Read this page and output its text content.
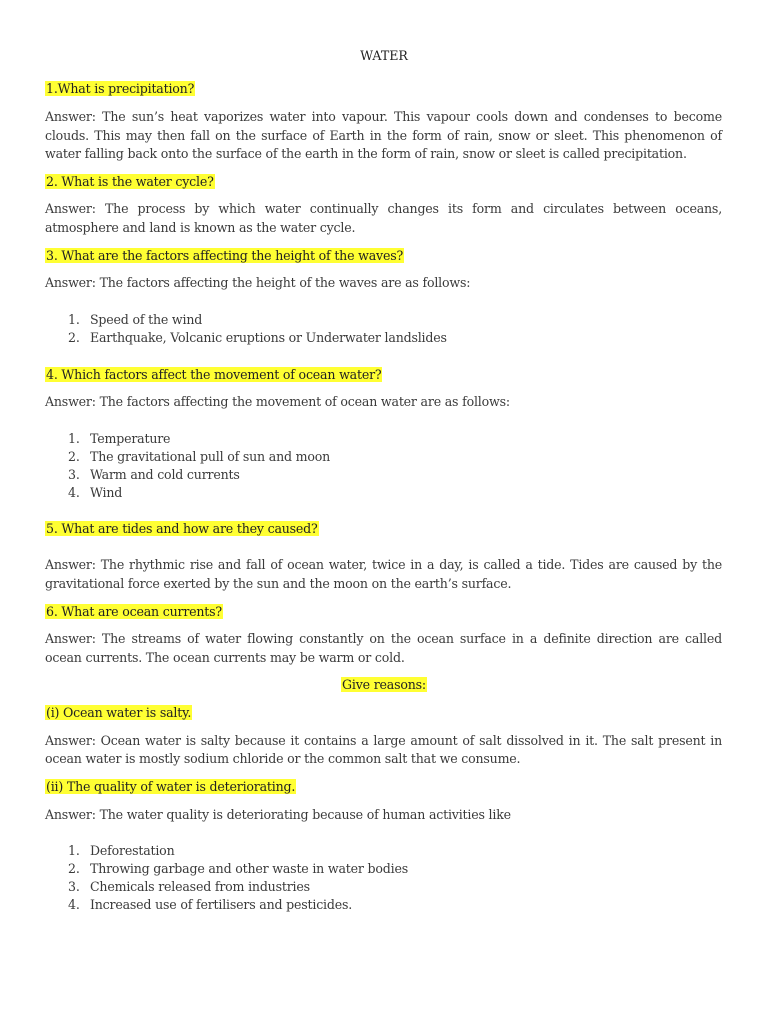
WATER
1.What is precipitation?
Answer: The sun’s heat vaporizes water into vapour. This vapour cools down and condenses to become
clouds. This may then fall on the surface of Earth in the form of rain, snow or sleet. This phenomenon of
water falling back onto the surface of the earth in the form of rain, snow or sleet is called precipitation.
2. What is the water cycle?
Answer: The process by which water continually changes its form and circulates between oceans,
atmosphere and land is known as the water cycle.
3. What are the factors affecting the height of the waves?
Answer: The factors affecting the height of the waves are as follows:
1. Speed of the wind
2. Earthquake, Volcanic eruptions or Underwater landslides
4. Which factors affect the movement of ocean water?
Answer: The factors affecting the movement of ocean water are as follows:
1. Temperature
2. The gravitational pull of sun and moon
3. Warm and cold currents
4. Wind
5. What are tides and how are they caused?
Answer: The rhythmic rise and fall of ocean water, twice in a day, is called a tide. Tides are caused by the
gravitational force exerted by the sun and the moon on the earth’s surface.
6. What are ocean currents?
Answer: The streams of water flowing constantly on the ocean surface in a definite direction are called
ocean currents. The ocean currents may be warm or cold.
Give reasons:
(i) Ocean water is salty.
Answer: Ocean water is salty because it contains a large amount of salt dissolved in it. The salt present in
ocean water is mostly sodium chloride or the common salt that we consume.
(ii) The quality of water is deteriorating.
Answer: The water quality is deteriorating because of human activities like
1. Deforestation
2. Throwing garbage and other waste in water bodies
3. Chemicals released from industries
4. Increased use of fertilisers and pesticides.
